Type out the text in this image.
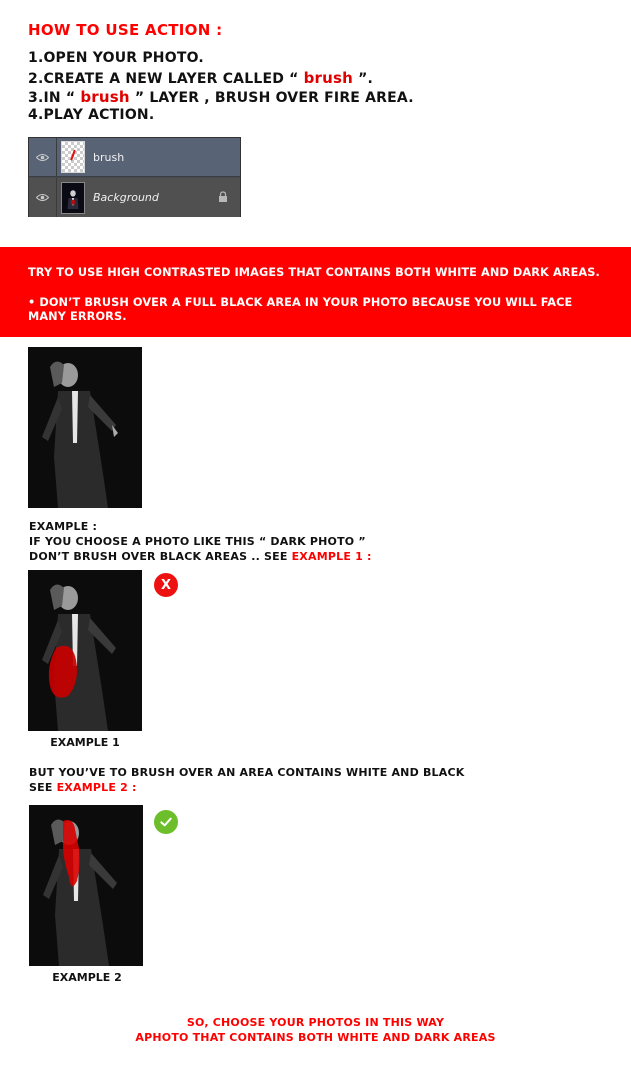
HOW TO USE ACTION :
1.OPEN YOUR PHOTO.
2.CREATE A NEW LAYER CALLED “ brush ”.
3.IN “ brush ” LAYER , BRUSH OVER FIRE AREA.
4.PLAY ACTION.
brush
Background
TRY TO USE HIGH CONTRASTED IMAGES THAT CONTAINS BOTH WHITE AND DARK AREAS.
• DON’T BRUSH OVER A FULL BLACK AREA IN YOUR PHOTO BECAUSE YOU WILL FACE
MANY ERRORS.
EXAMPLE :
IF YOU CHOOSE A PHOTO LIKE THIS “ DARK PHOTO ”
DON’T BRUSH OVER BLACK AREAS .. SEE EXAMPLE 1 :
X
EXAMPLE 1
BUT YOU’VE TO BRUSH OVER AN AREA CONTAINS WHITE AND BLACK
SEE EXAMPLE 2 :
EXAMPLE 2
SO, CHOOSE YOUR PHOTOS IN THIS WAY
APHOTO THAT CONTAINS BOTH WHITE AND DARK AREAS
